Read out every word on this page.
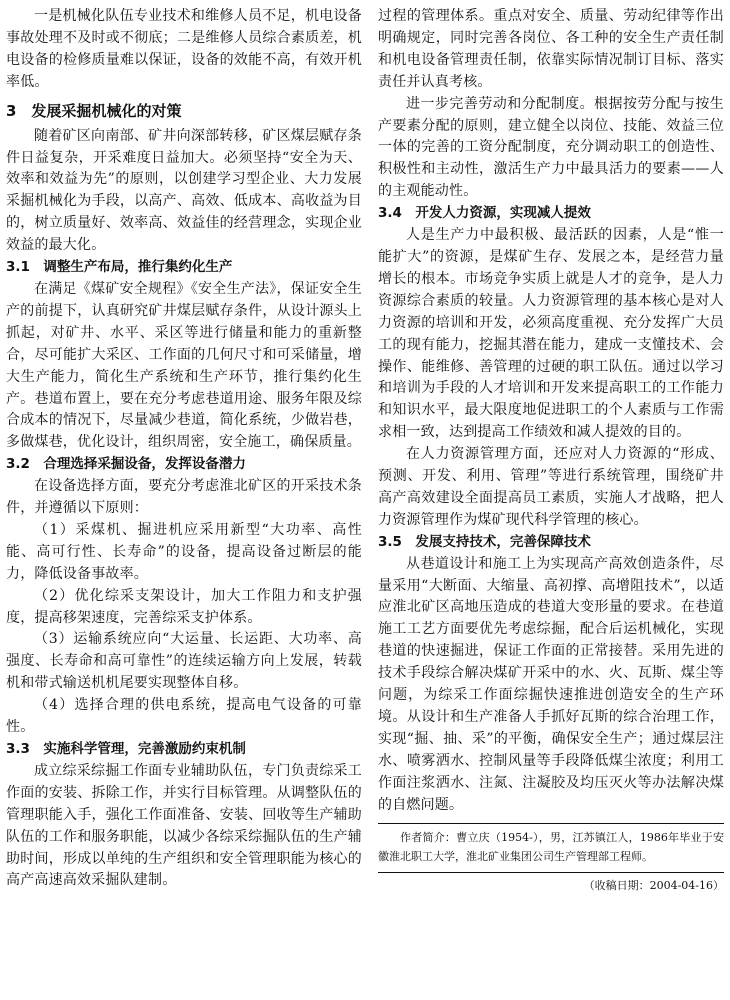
一是机械化队伍专业技术和维修人员不足，机电设备事故处理不及时或不彻底；二是维修人员综合素质差，机电设备的检修质量难以保证，设备的效能不高，有效开机率低。

3　发展采掘机械化的对策

随着矿区向南部、矿井向深部转移，矿区煤层赋存条件日益复杂，开采难度日益加大。必须坚持“安全为天、效率和效益为先”的原则，以创建学习型企业、大力发展采掘机械化为手段，以高产、高效、低成本、高收益为目的，树立质量好、效率高、效益佳的经营理念，实现企业效益的最大化。

3.1　调整生产布局，推行集约化生产

在满足《煤矿安全规程》《安全生产法》，保证安全生产的前提下，认真研究矿井煤层赋存条件，从设计源头上抓起，对矿井、水平、采区等进行储量和能力的重新整合，尽可能扩大采区、工作面的几何尺寸和可采储量，增大生产能力，简化生产系统和生产环节，推行集约化生产。巷道布置上，要在充分考虑巷道用途、服务年限及综合成本的情况下，尽量减少巷道，简化系统，少做岩巷，多做煤巷，优化设计，组织周密，安全施工，确保质量。

3.2　合理选择采掘设备，发挥设备潜力

在设备选择方面，要充分考虑淮北矿区的开采技术条件，并遵循以下原则：

（1）采煤机、掘进机应采用新型“大功率、高性能、高可行性、长寿命”的设备，提高设备过断层的能力，降低设备事故率。

（2）优化综采支架设计，加大工作阻力和支护强度，提高移架速度，完善综采支护体系。

（3）运输系统应向“大运量、长运距、大功率、高强度、长寿命和高可靠性”的连续运输方向上发展，转载机和带式输送机机尾要实现整体自移。

（4）选择合理的供电系统，提高电气设备的可靠性。

3.3　实施科学管理，完善激励约束机制

成立综采综掘工作面专业辅助队伍，专门负责综采工作面的安装、拆除工作，并实行目标管理。从调整队伍的管理职能入手，强化工作面准备、安装、回收等生产辅助队伍的工作和服务职能，以减少各综采综掘队伍的生产辅助时间，形成以单纯的生产组织和安全管理职能为核心的高产高速高效采掘队建制。

过程的管理体系。重点对安全、质量、劳动纪律等作出明确规定，同时完善各岗位、各工种的安全生产责任制和机电设备管理责任制，依靠实际情况制订目标、落实责任并认真考核。

进一步完善劳动和分配制度。根据按劳分配与按生产要素分配的原则，建立健全以岗位、技能、效益三位一体的完善的工资分配制度，充分调动职工的创造性、积极性和主动性，激活生产力中最具活力的要素——人的主观能动性。

3.4　开发人力资源，实现减人提效

人是生产力中最积极、最活跃的因素，人是“惟一能扩大”的资源，是煤矿生存、发展之本，是经营力量增长的根本。市场竞争实质上就是人才的竞争，是人力资源综合素质的较量。人力资源管理的基本核心是对人力资源的培训和开发，必须高度重视、充分发挥广大员工的现有能力，挖掘其潜在能力，建成一支懂技术、会操作、能维修、善管理的过硬的职工队伍。通过以学习和培训为手段的人才培训和开发来提高职工的工作能力和知识水平，最大限度地促进职工的个人素质与工作需求相一致，达到提高工作绩效和减人提效的目的。

在人力资源管理方面，还应对人力资源的“形成、预测、开发、利用、管理”等进行系统管理，围绕矿井高产高效建设全面提高员工素质，实施人才战略，把人力资源管理作为煤矿现代科学管理的核心。

3.5　发展支持技术，完善保障技术

从巷道设计和施工上为实现高产高效创造条件，尽量采用“大断面、大缩量、高初撑、高增阻技术”，以适应淮北矿区高地压造成的巷道大变形量的要求。在巷道施工工艺方面要优先考虑综掘，配合后运机械化，实现巷道的快速掘进，保证工作面的正常接替。采用先进的技术手段综合解决煤矿开采中的水、火、瓦斯、煤尘等问题，为综采工作面综掘快速推进创造安全的生产环境。从设计和生产准备人手抓好瓦斯的综合治理工作，实现“掘、抽、采”的平衡，确保安全生产；通过煤层注水、喷雾洒水、控制风量等手段降低煤尘浓度；利用工作面注浆洒水、注氮、注凝胶及均压灭火等办法解决煤的自燃问题。

作者简介：曹立庆（1954-），男，江苏镇江人，1986年毕业于安徽淮北职工大学，淮北矿业集团公司生产管理部工程师。

（收稿日期：2004-04-16）
